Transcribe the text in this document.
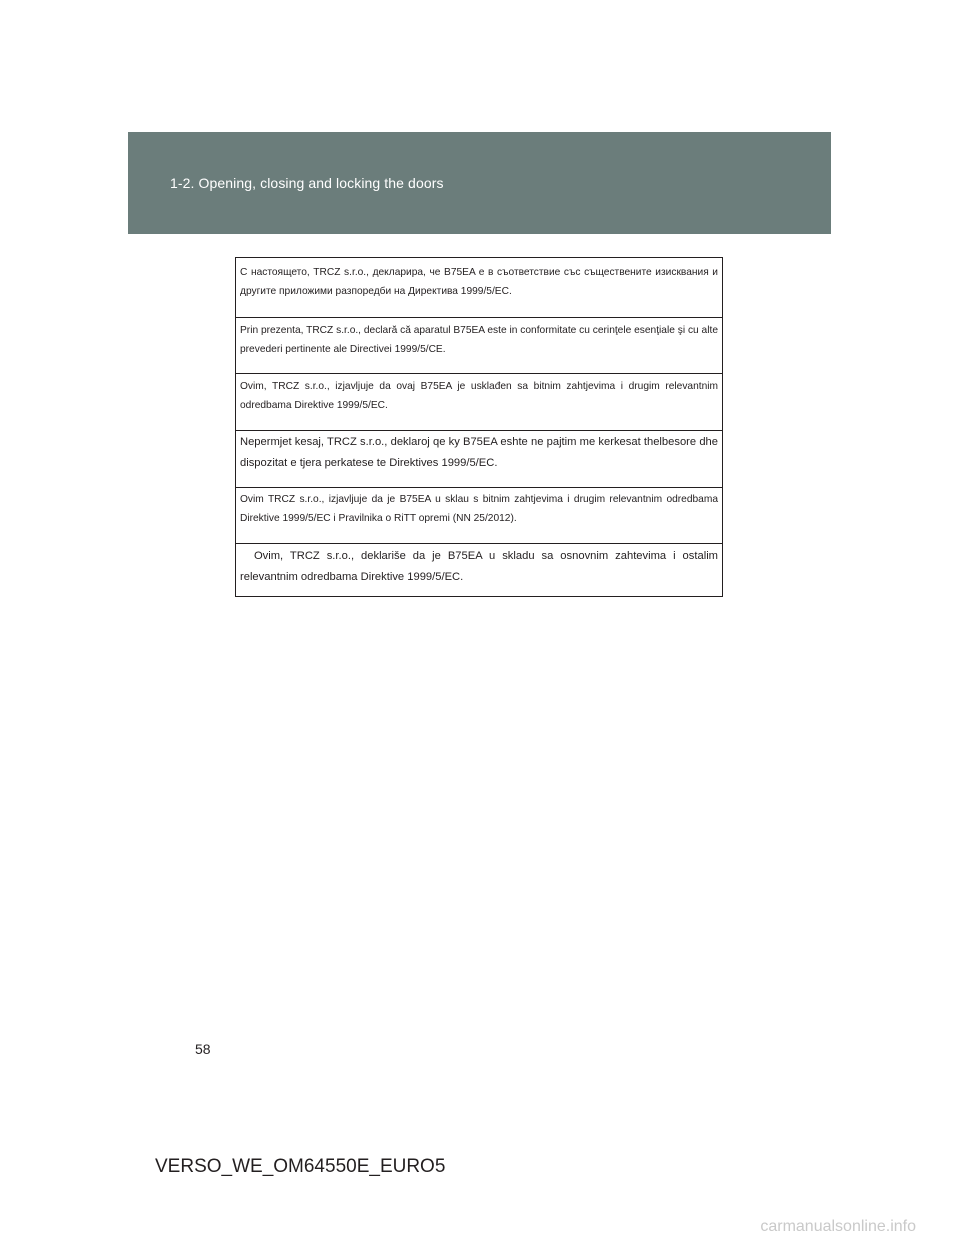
1-2. Opening, closing and locking the doors

С настоящето, TRCZ s.r.o., декларира, че B75EA е в съответствие със съществените изисквания и другите приложими разпоредби на Директива 1999/5/ЕС.

Prin prezenta, TRCZ s.r.o., declară că aparatul B75EA este in conformitate cu cerinţele esenţiale şi cu alte prevederi pertinente ale Directivei 1999/5/CE.

Ovim, TRCZ s.r.o., izjavljuje da ovaj B75EA je usklađen sa bitnim zahtjevima i drugim relevantnim odredbama Direktive 1999/5/EC.

Nepermjet kesaj, TRCZ s.r.o., deklaroj qe ky B75EA eshte ne pajtim me kerkesat thelbesore dhe dispozitat e tjera perkatese te Direktives 1999/5/EC.

Ovim TRCZ s.r.o., izjavljuje da je B75EA u sklau s bitnim zahtjevima i drugim relevantnim odredbama Direktive 1999/5/EC i Pravilnika o RiTT opremi (NN 25/2012).

Ovim, TRCZ s.r.o., deklariše da je B75EA u skladu sa osnovnim zahtevima i ostalim relevantnim odredbama Direktive 1999/5/EC.

58
VERSO_WE_OM64550E_EURO5
carmanualsonline.info
